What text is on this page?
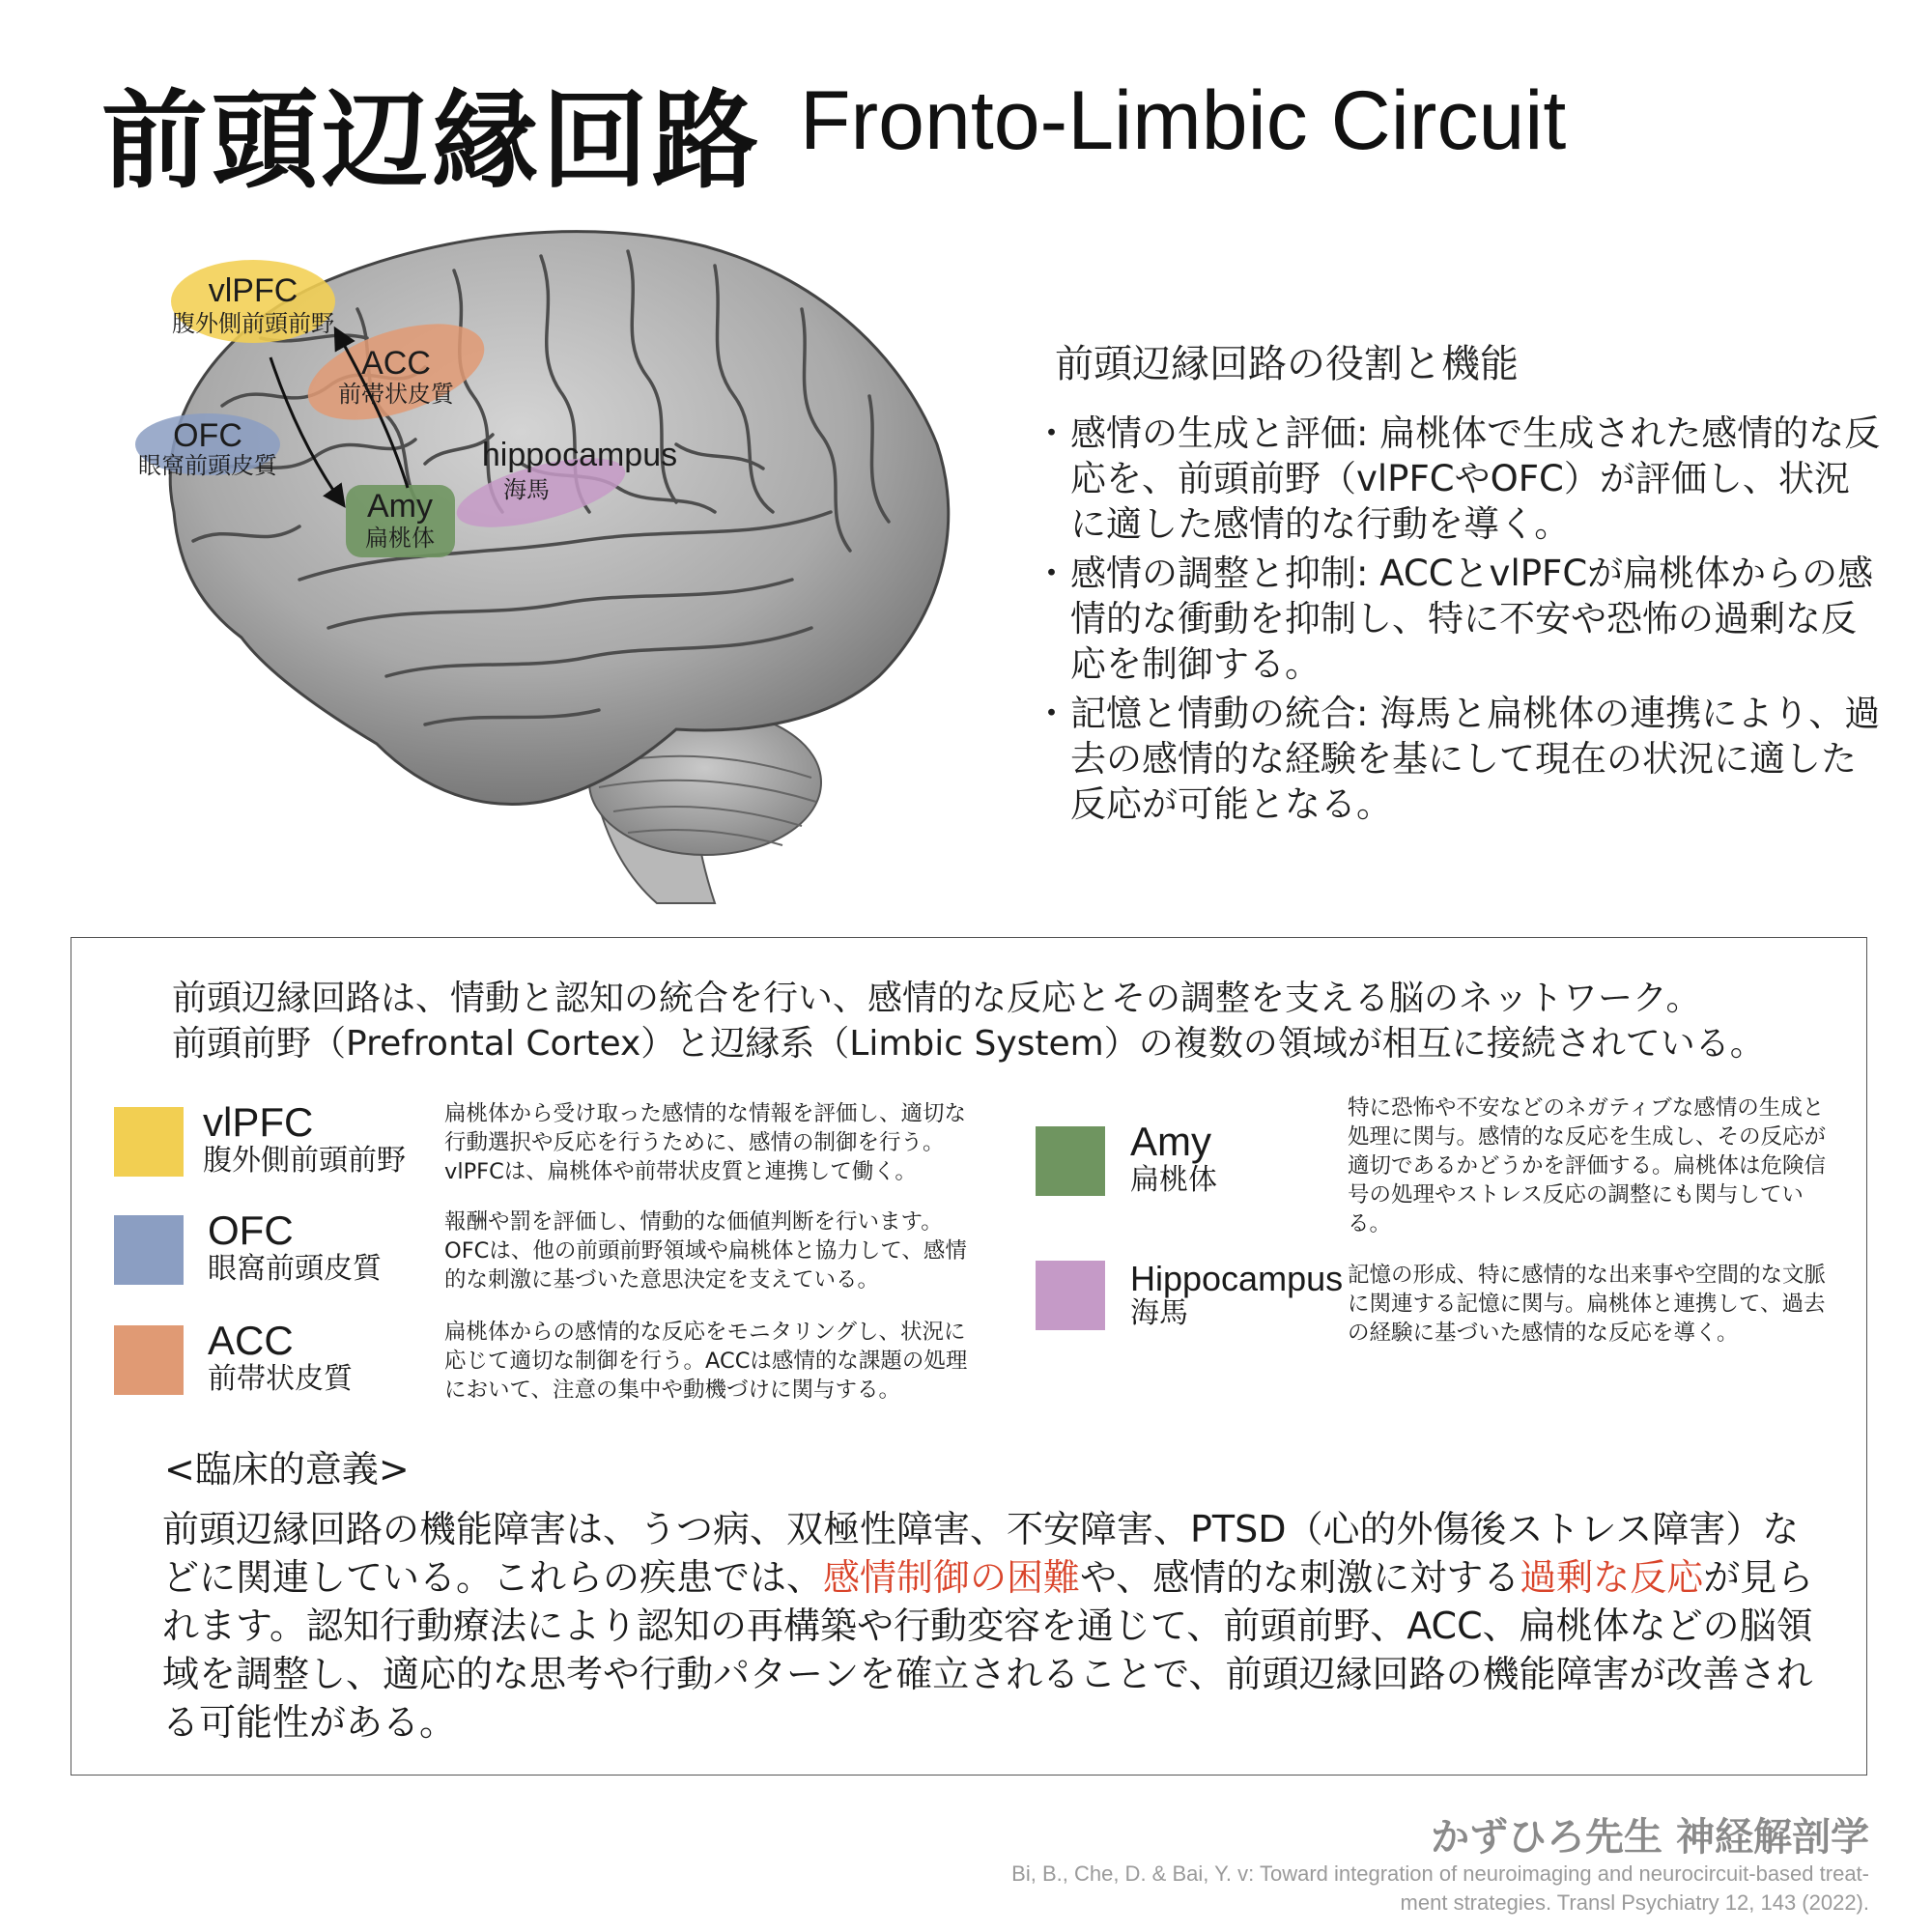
前頭辺縁回路 Fronto-Limbic Circuit
vlPFC
腹外側前頭前野
ACC
前帯状皮質
OFC
眼窩前頭皮質
Amy
扁桃体
hippocampus
海馬
前頭辺縁回路の役割と機能
・ 感情の生成と評価: 扁桃体で生成された感情的な反応を、前頭前野（vlPFCやOFC）が評価し、状況に適した感情的な行動を導く。
・ 感情の調整と抑制: ACCとvlPFCが扁桃体からの感情的な衝動を抑制し、特に不安や恐怖の過剰な反応を制御する。
・ 記憶と情動の統合: 海馬と扁桃体の連携により、過去の感情的な経験を基にして現在の状況に適した反応が可能となる。
前頭辺縁回路は、情動と認知の統合を行い、感情的な反応とその調整を支える脳のネットワーク。
前頭前野（Prefrontal Cortex）と辺縁系（Limbic System）の複数の領域が相互に接続されている。
vlPFC
腹外側前頭前野
扁桃体から受け取った感情的な情報を評価し、適切な行動選択や反応を行うために、感情の制御を行う。vlPFCは、扁桃体や前帯状皮質と連携して働く。
OFC
眼窩前頭皮質
報酬や罰を評価し、情動的な価値判断を行います。OFCは、他の前頭前野領域や扁桃体と協力して、感情的な刺激に基づいた意思決定を支えている。
ACC
前帯状皮質
扁桃体からの感情的な反応をモニタリングし、状況に応じて適切な制御を行う。ACCは感情的な課題の処理において、注意の集中や動機づけに関与する。
Amy
扁桃体
特に恐怖や不安などのネガティブな感情の生成と処理に関与。感情的な反応を生成し、その反応が適切であるかどうかを評価する。扁桃体は危険信号の処理やストレス反応の調整にも関与している。
Hippocampus
海馬
記憶の形成、特に感情的な出来事や空間的な文脈に関連する記憶に関与。扁桃体と連携して、過去の経験に基づいた感情的な反応を導く。
<臨床的意義>
前頭辺縁回路の機能障害は、うつ病、双極性障害、不安障害、PTSD（心的外傷後ストレス障害）などに関連している。これらの疾患では、感情制御の困難や、感情的な刺激に対する過剰な反応が見られます。認知行動療法により認知の再構築や行動変容を通じて、前頭前野、ACC、扁桃体などの脳領域を調整し、適応的な思考や行動パターンを確立されることで、前頭辺縁回路の機能障害が改善される可能性がある。
かずひろ先生 神経解剖学
Bi, B., Che, D. & Bai, Y. v: Toward integration of neuroimaging and neurocircuit-based treat-
ment strategies. Transl Psychiatry 12, 143 (2022).
